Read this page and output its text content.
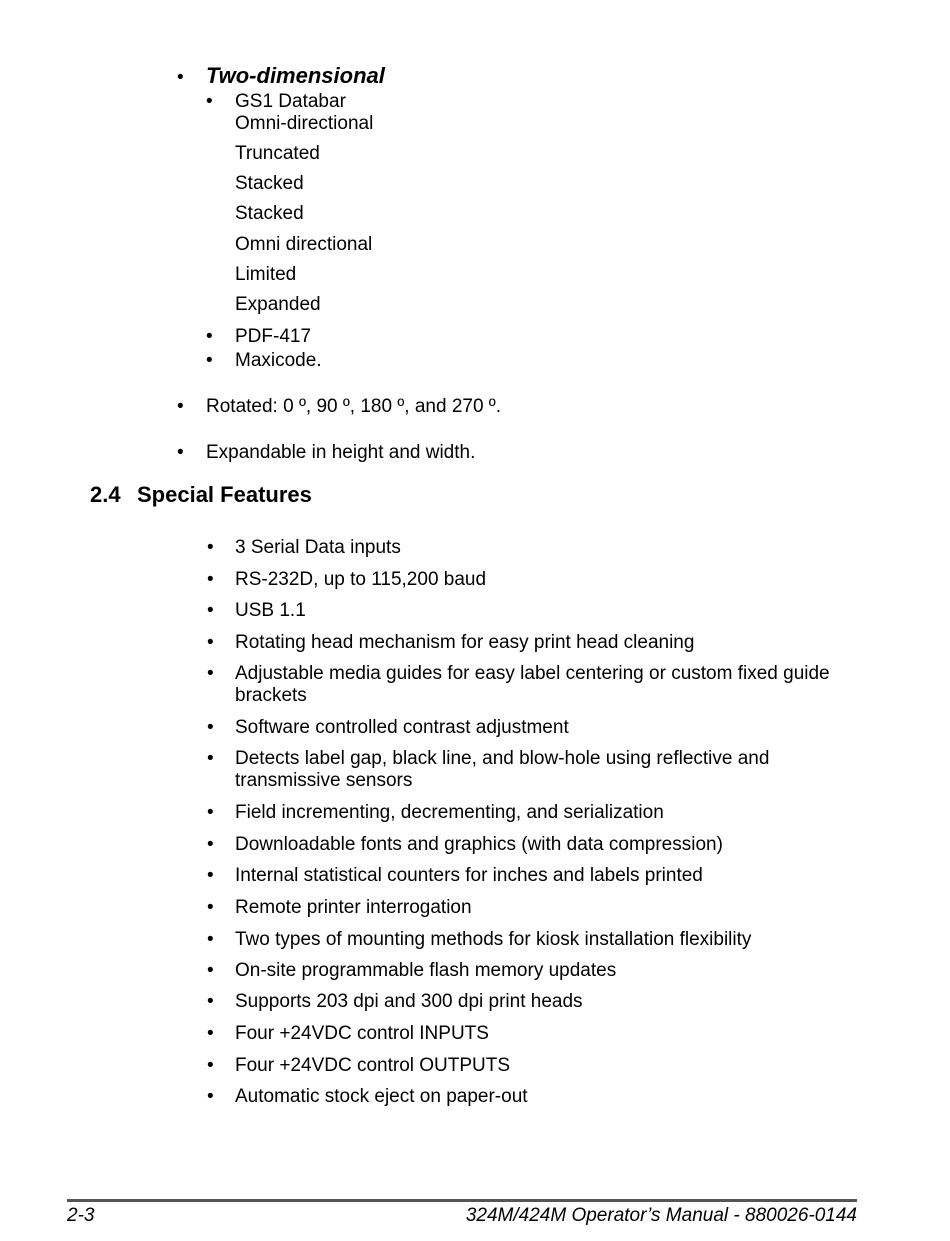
• Two-dimensional
• GS1 Databar
Omni-directional
Truncated
Stacked
Stacked
Omni directional
Limited
Expanded
• PDF-417
• Maxicode.
• Rotated: 0 º, 90 º, 180 º, and 270 º.
• Expandable in height and width.
2.4 Special Features
• 3 Serial Data inputs
• RS-232D, up to 115,200 baud
• USB 1.1
• Rotating head mechanism for easy print head cleaning
• Adjustable media guides for easy label centering or custom fixed guide brackets
• Software controlled contrast adjustment
• Detects label gap, black line, and blow-hole using reflective and transmissive sensors
• Field incrementing, decrementing, and serialization
• Downloadable fonts and graphics (with data compression)
• Internal statistical counters for inches and labels printed
• Remote printer interrogation
• Two types of mounting methods for kiosk installation flexibility
• On-site programmable flash memory updates
• Supports 203 dpi and 300 dpi print heads
• Four +24VDC control INPUTS
• Four +24VDC control OUTPUTS
• Automatic stock eject on paper-out
2-3	324M/424M Operator’s Manual - 880026-0144
